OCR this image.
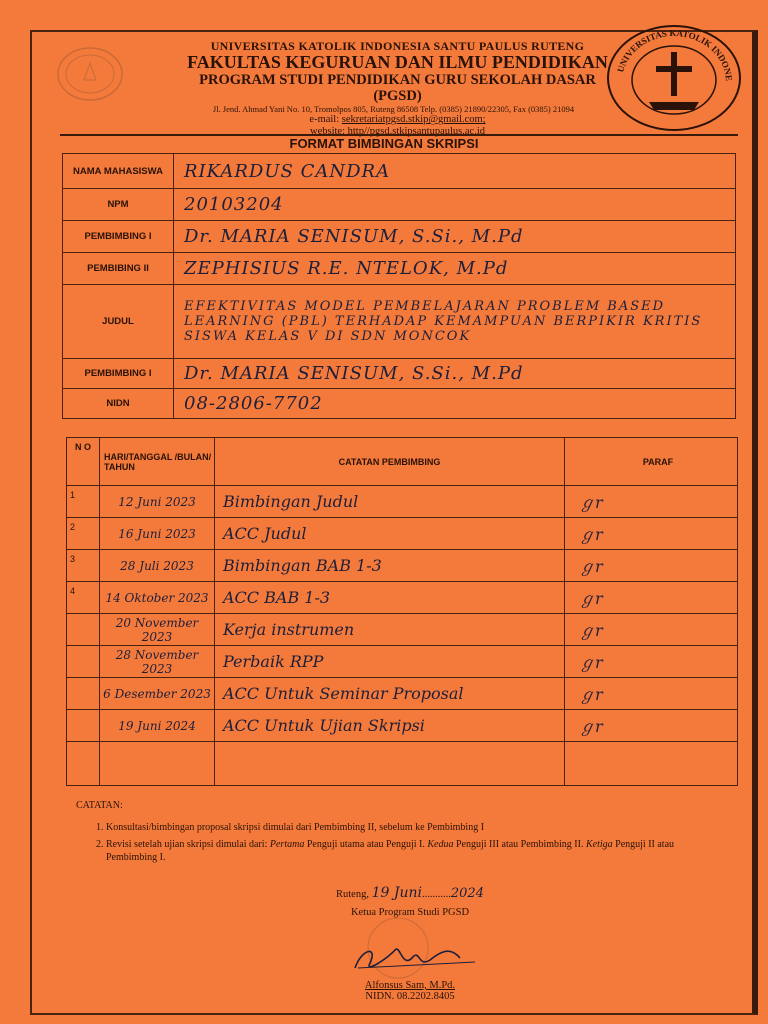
UNIVERSITAS KATOLIK INDONE
UNIVERSITAS KATOLIK INDONESIA SANTU PAULUS RUTENG
FAKULTAS KEGURUAN DAN ILMU PENDIDIKAN
PROGRAM STUDI PENDIDIKAN GURU SEKOLAH DASAR (PGSD)
Jl. Jend. Ahmad Yani No. 10, Tromolpos 805, Ruteng 86508 Telp. (0385) 21890/22305, Fax (0385) 21094
e-mail: sekretariatpgsd.stkip@gmail.com;
website: http//pgsd.stkipsantupaulus.ac.id
FORMAT BIMBINGAN SKRIPSI
NAMA MAHASISWA	RIKARDUS CANDRA
NPM	20103204
PEMBIMBING I	Dr. MARIA SENISUM, S.Si., M.Pd
PEMBIBING II	ZEPHISIUS R.E. NTELOK, M.Pd
JUDUL	EFEKTIVITAS MODEL PEMBELAJARAN PROBLEM BASED LEARNING (PBL) TERHADAP KEMAMPUAN BERPIKIR KRITIS SISWA KELAS V DI SDN MONCOK
PEMBIMBING I	Dr. MARIA SENISUM, S.Si., M.Pd
NIDN	08-2806-7702
N O	HARI/TANGGAL /BULAN/ TAHUN	CATATAN PEMBIMBING	PARAF
1	12 Juni 2023	Bimbingan Judul	ℊr
2	16 Juni 2023	ACC Judul	ℊr
3	28 Juli 2023	Bimbingan BAB 1-3	ℊr
4	14 Oktober 2023	ACC BAB 1-3	ℊr
	20 November 2023	Kerja instrumen	ℊr
	28 November 2023	Perbaik RPP	ℊr
	6 Desember 2023	ACC Untuk Seminar Proposal	ℊr
	19 Juni 2024	ACC Untuk Ujian Skripsi	ℊr

CATATAN:
1. Konsultasi/bimbingan proposal skripsi dimulai dari Pembimbing II, sebelum ke Pembimbing I
2. Revisi setelah ujian skripsi dimulai dari: Pertama Penguji utama atau Penguji I. Kedua Penguji III atau Pembimbing II. Ketiga Penguji II atau Pembimbing I.
Ruteng, 19 Juni...........2024
Ketua Program Studi PGSD
Alfonsus Sam, M.Pd.
NIDN. 08.2202.8405
